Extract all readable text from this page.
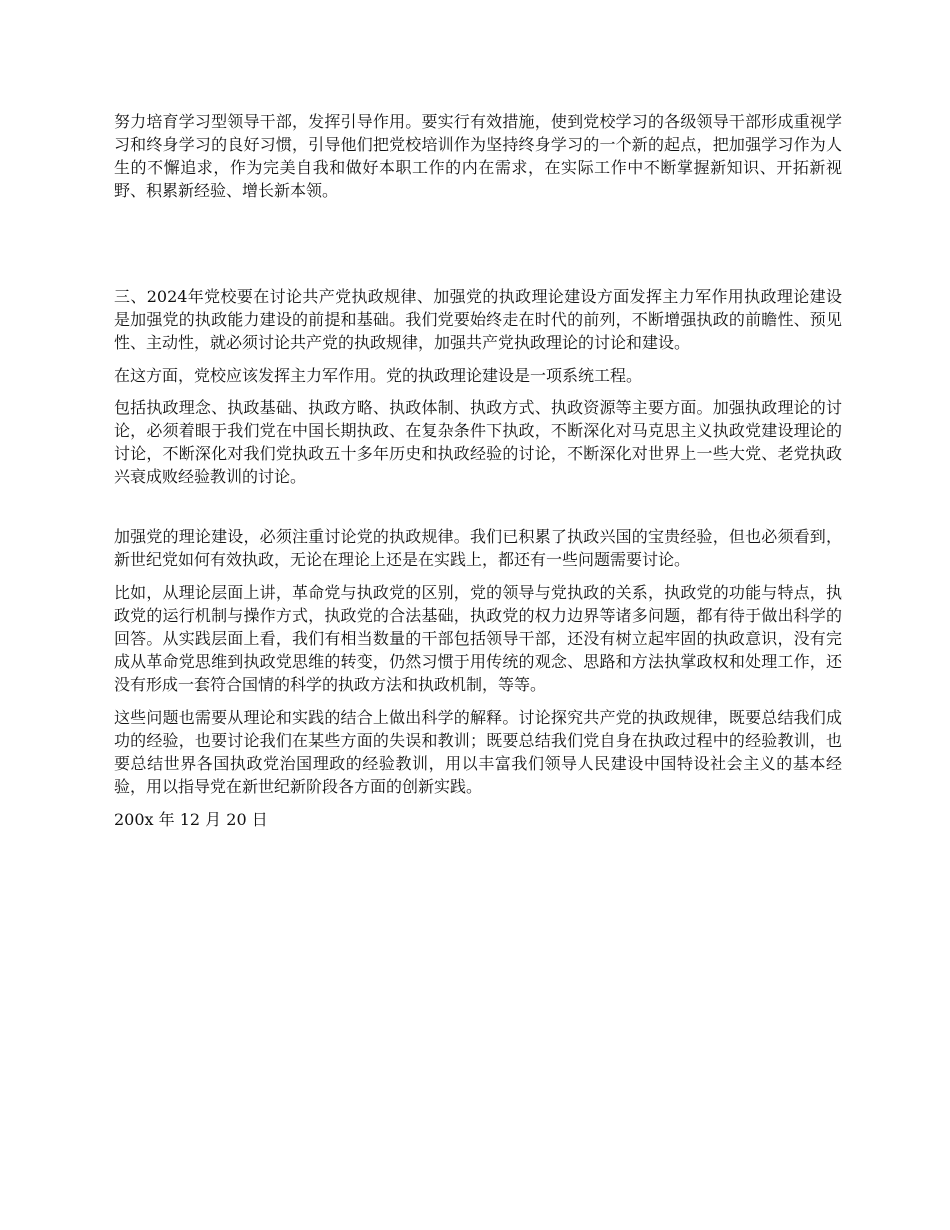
努力培育学习型领导干部，发挥引导作用。要实行有效措施，使到党校学习的各级领导干部形成重视学习和终身学习的良好习惯，引导他们把党校培训作为坚持终身学习的一个新的起点，把加强学习作为人生的不懈追求，作为完美自我和做好本职工作的内在需求，在实际工作中不断掌握新知识、开拓新视野、积累新经验、增长新本领。

三、2024年党校要在讨论共产党执政规律、加强党的执政理论建设方面发挥主力军作用执政理论建设是加强党的执政能力建设的前提和基础。我们党要始终走在时代的前列，不断增强执政的前瞻性、预见性、主动性，就必须讨论共产党的执政规律，加强共产党执政理论的讨论和建设。

在这方面，党校应该发挥主力军作用。党的执政理论建设是一项系统工程。

包括执政理念、执政基础、执政方略、执政体制、执政方式、执政资源等主要方面。加强执政理论的讨论，必须着眼于我们党在中国长期执政、在复杂条件下执政，不断深化对马克思主义执政党建设理论的讨论，不断深化对我们党执政五十多年历史和执政经验的讨论，不断深化对世界上一些大党、老党执政兴衰成败经验教训的讨论。

加强党的理论建设，必须注重讨论党的执政规律。我们已积累了执政兴国的宝贵经验，但也必须看到，新世纪党如何有效执政，无论在理论上还是在实践上，都还有一些问题需要讨论。

比如，从理论层面上讲，革命党与执政党的区别，党的领导与党执政的关系，执政党的功能与特点，执政党的运行机制与操作方式，执政党的合法基础，执政党的权力边界等诸多问题，都有待于做出科学的回答。从实践层面上看，我们有相当数量的干部包括领导干部，还没有树立起牢固的执政意识，没有完成从革命党思维到执政党思维的转变，仍然习惯于用传统的观念、思路和方法执掌政权和处理工作，还没有形成一套符合国情的科学的执政方法和执政机制，等等。

这些问题也需要从理论和实践的结合上做出科学的解释。讨论探究共产党的执政规律，既要总结我们成功的经验，也要讨论我们在某些方面的失误和教训；既要总结我们党自身在执政过程中的经验教训，也要总结世界各国执政党治国理政的经验教训，用以丰富我们领导人民建设中国特设社会主义的基本经验，用以指导党在新世纪新阶段各方面的创新实践。

200x 年 12 月 20 日
